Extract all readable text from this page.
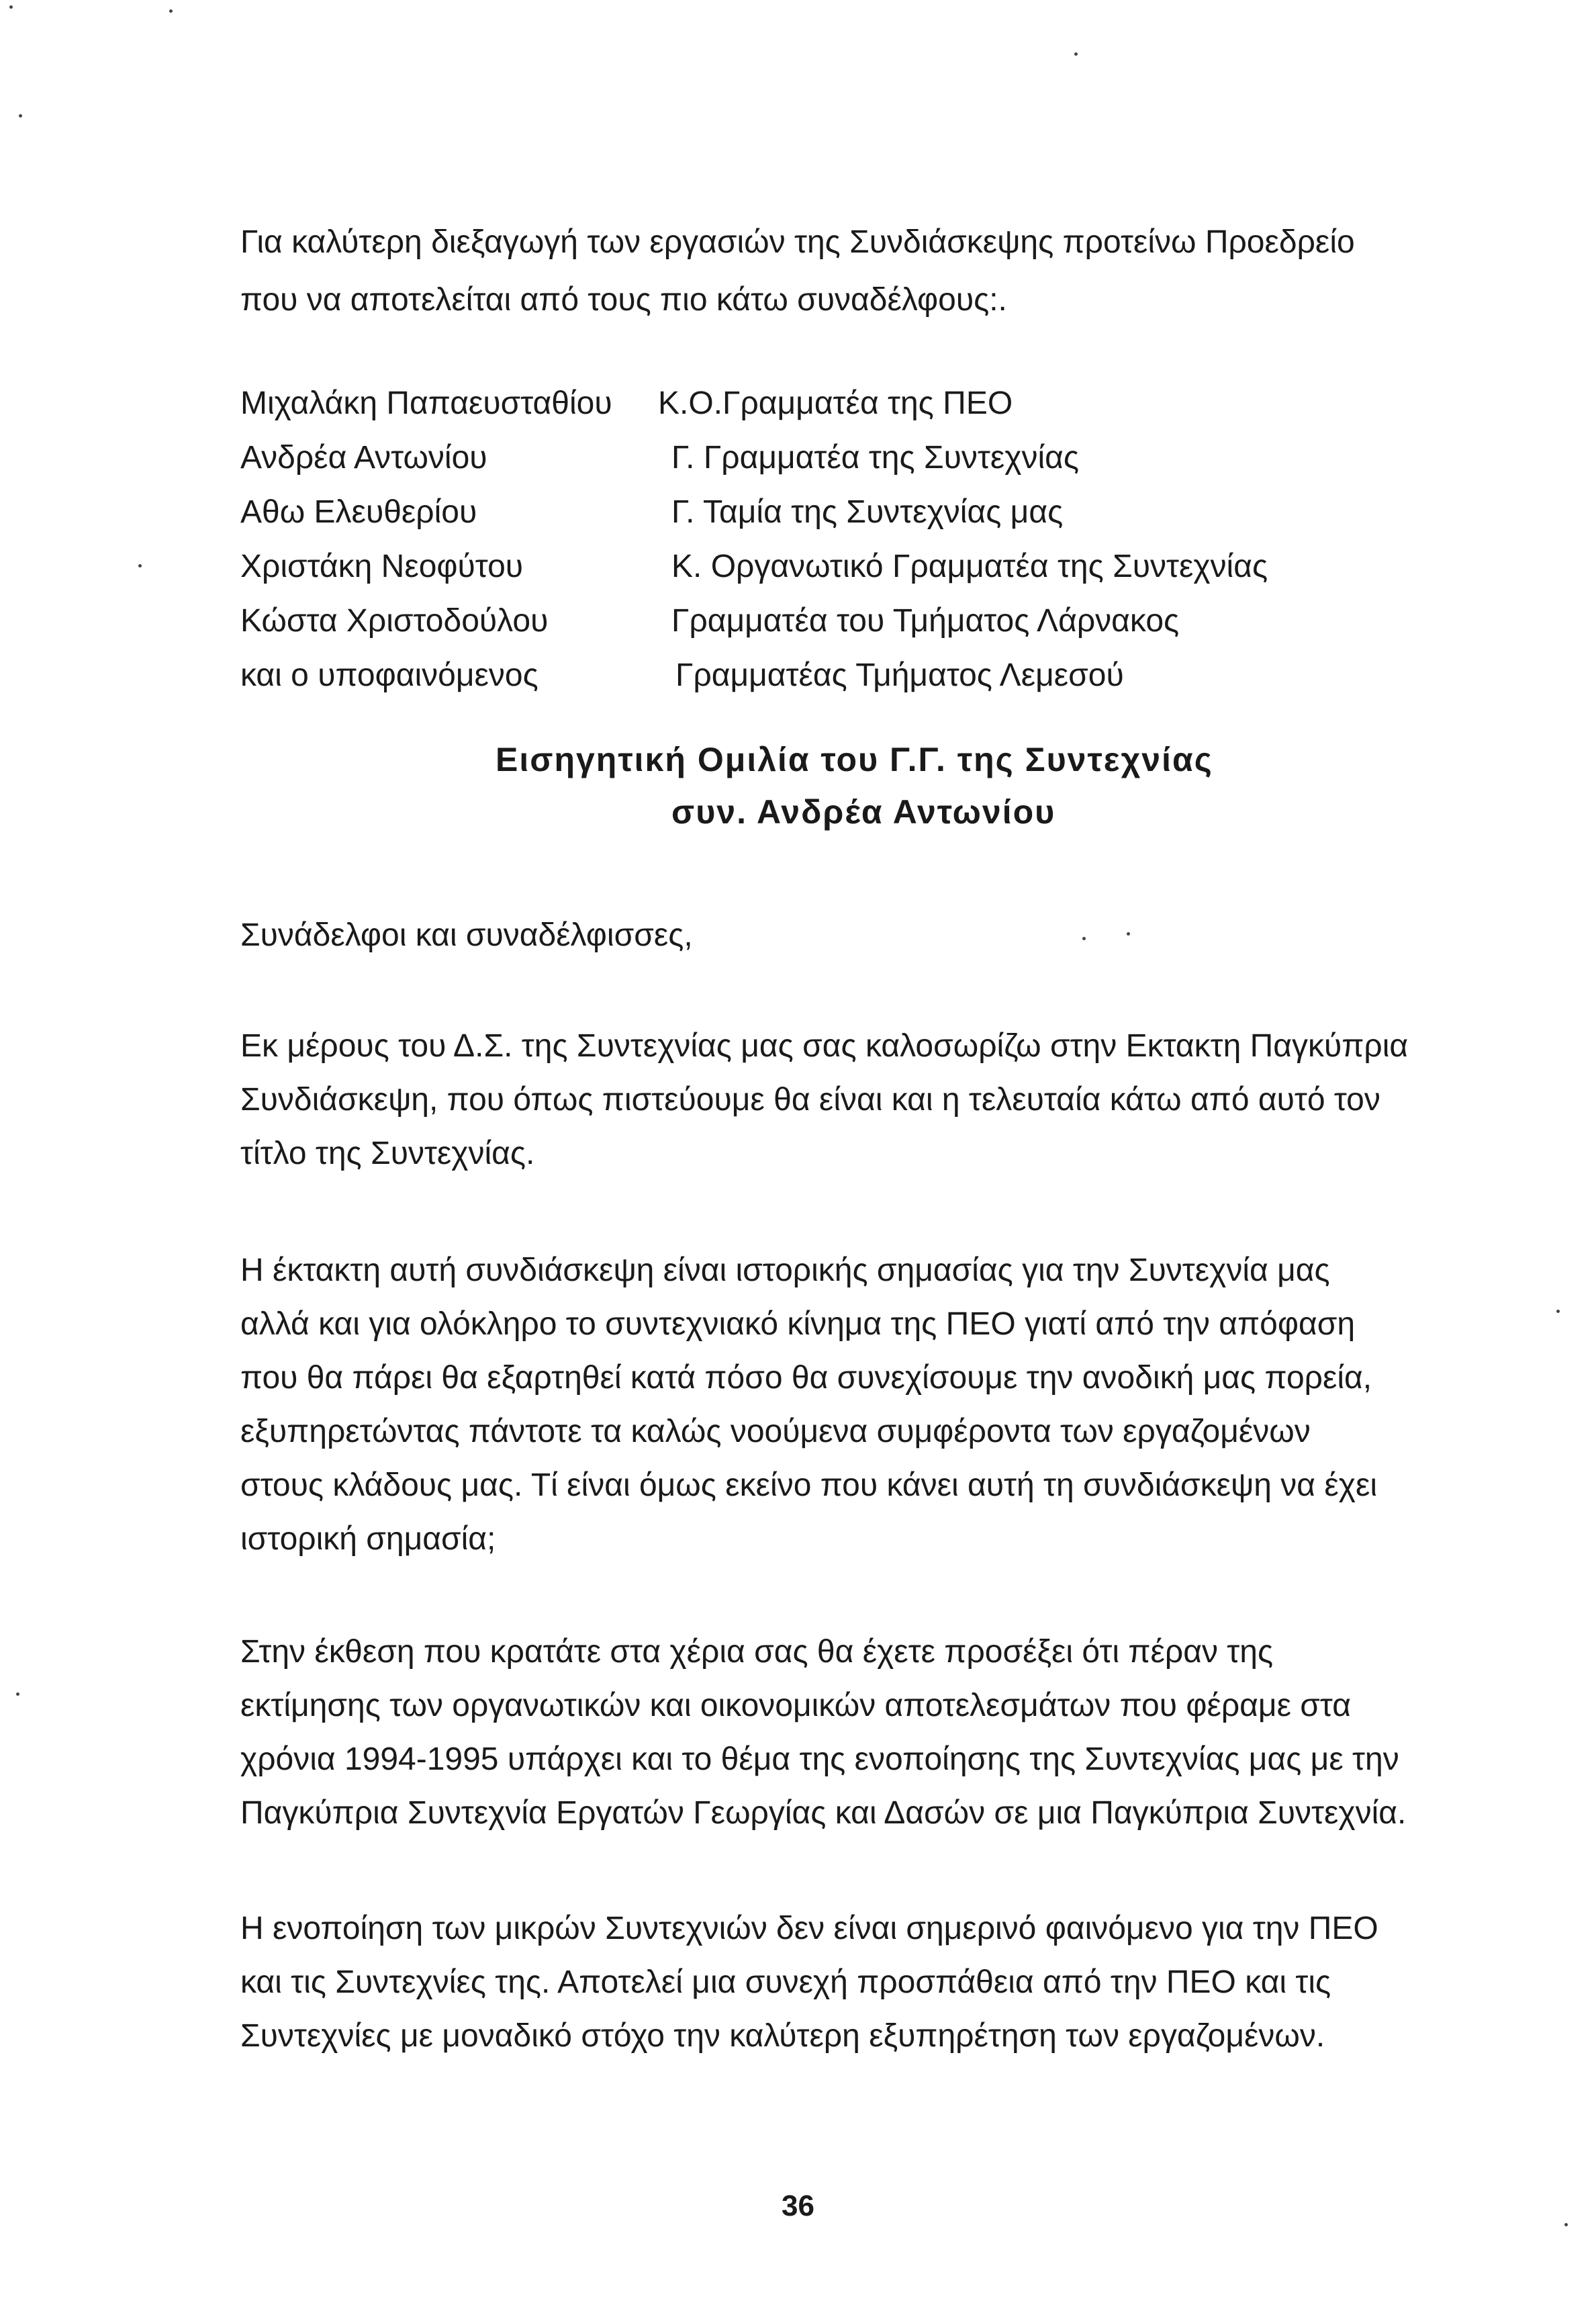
Για καλύτερη διεξαγωγή των εργασιών της Συνδιάσκεψης προτείνω Προεδρείο
που να αποτελείται από τους πιο κάτω συναδέλφους:.
Μιχαλάκη Παπαευσταθίου Κ.Ο.Γραμματέα της ΠΕΟ
Ανδρέα Αντωνίου	Γ. Γραμματέα της Συντεχνίας
Αθω Ελευθερίου	Γ. Ταμία της Συντεχνίας μας
Χριστάκη Νεοφύτου	Κ. Οργανωτικό Γραμματέα της Συντεχνίας
Κώστα Χριστοδούλου	Γραμματέα του Τμήματος Λάρνακος
και ο υποφαινόμενος	Γραμματέας Τμήματος Λεμεσού
Εισηγητική Ομιλία του Γ.Γ. της Συντεχνίας
συν. Ανδρέα Αντωνίου
Συνάδελφοι και συναδέλφισσες,
Εκ μέρους του Δ.Σ. της Συντεχνίας μας σας καλοσωρίζω στην Εκτακτη Παγκύπρια
Συνδιάσκεψη, που όπως πιστεύουμε θα είναι και η τελευταία κάτω από αυτό τον
τίτλο της Συντεχνίας.
Η έκτακτη αυτή συνδιάσκεψη είναι ιστορικής σημασίας για την Συντεχνία μας
αλλά και για ολόκληρο το συντεχνιακό κίνημα της ΠΕΟ γιατί από την απόφαση
που θα πάρει θα εξαρτηθεί κατά πόσο θα συνεχίσουμε την ανοδική μας πορεία,
εξυπηρετώντας πάντοτε τα καλώς νοούμενα συμφέροντα των εργαζομένων
στους κλάδους μας. Τί είναι όμως εκείνο που κάνει αυτή τη συνδιάσκεψη να έχει
ιστορική σημασία;
Στην έκθεση που κρατάτε στα χέρια σας θα έχετε προσέξει ότι πέραν της
εκτίμησης των οργανωτικών και οικονομικών αποτελεσμάτων που φέραμε στα
χρόνια 1994-1995 υπάρχει και το θέμα της ενοποίησης της Συντεχνίας μας με την
Παγκύπρια Συντεχνία Εργατών Γεωργίας και Δασών σε μια Παγκύπρια Συντεχνία.
Η ενοποίηση των μικρών Συντεχνιών δεν είναι σημερινό φαινόμενο για την ΠΕΟ
και τις Συντεχνίες της. Αποτελεί μια συνεχή προσπάθεια από την ΠΕΟ και τις
Συντεχνίες με μοναδικό στόχο την καλύτερη εξυπηρέτηση των εργαζομένων.
36
